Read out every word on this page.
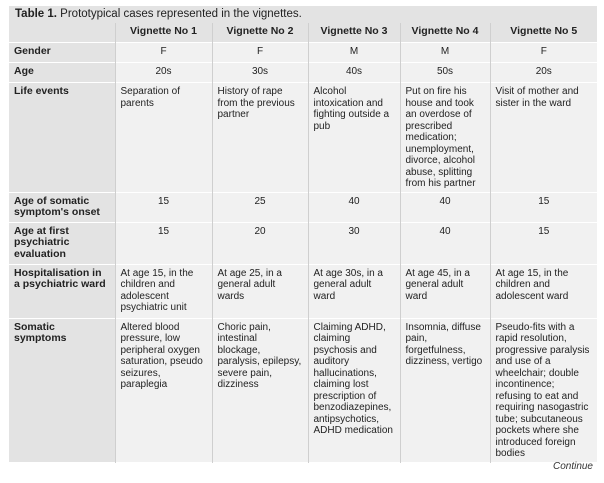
Table 1. Prototypical cases represented in the vignettes.
	Vignette No 1	Vignette No 2	Vignette No 3	Vignette No 4	Vignette No 5
Gender	F	F	M	M	F
Age	20s	30s	40s	50s	20s
Life events	Separation of parents	History of rape from the previous partner	Alcohol intoxication and fighting outside a pub	Put on fire his house and took an overdose of prescribed medication; unemployment, divorce, alcohol abuse, splitting from his partner	Visit of mother and sister in the ward
Age of somatic symptom's onset	15	25	40	40	15
Age at first psychiatric evaluation	15	20	30	40	15
Hospitalisation in a psychiatric ward	At age 15, in the children and adolescent psychiatric unit	At age 25, in a general adult wards	At age 30s, in a general adult ward	At age 45, in a general adult ward	At age 15, in the children and adolescent ward
Somatic symptoms	Altered blood pressure, low peripheral oxygen saturation, pseudo seizures, paraplegia	Choric pain, intestinal blockage, paralysis, epilepsy, severe pain, dizziness	Claiming ADHD, claiming psychosis and auditory hallucinations, claiming lost prescription of benzodiazepines, antipsychotics, ADHD medication	Insomnia, diffuse pain, forgetfulness, dizziness, vertigo	Pseudo-fits with a rapid resolution, progressive paralysis and use of a wheelchair; double incontinence; refusing to eat and requiring nasogastric tube; subcutaneous pockets where she introduced foreign bodies
Continue
